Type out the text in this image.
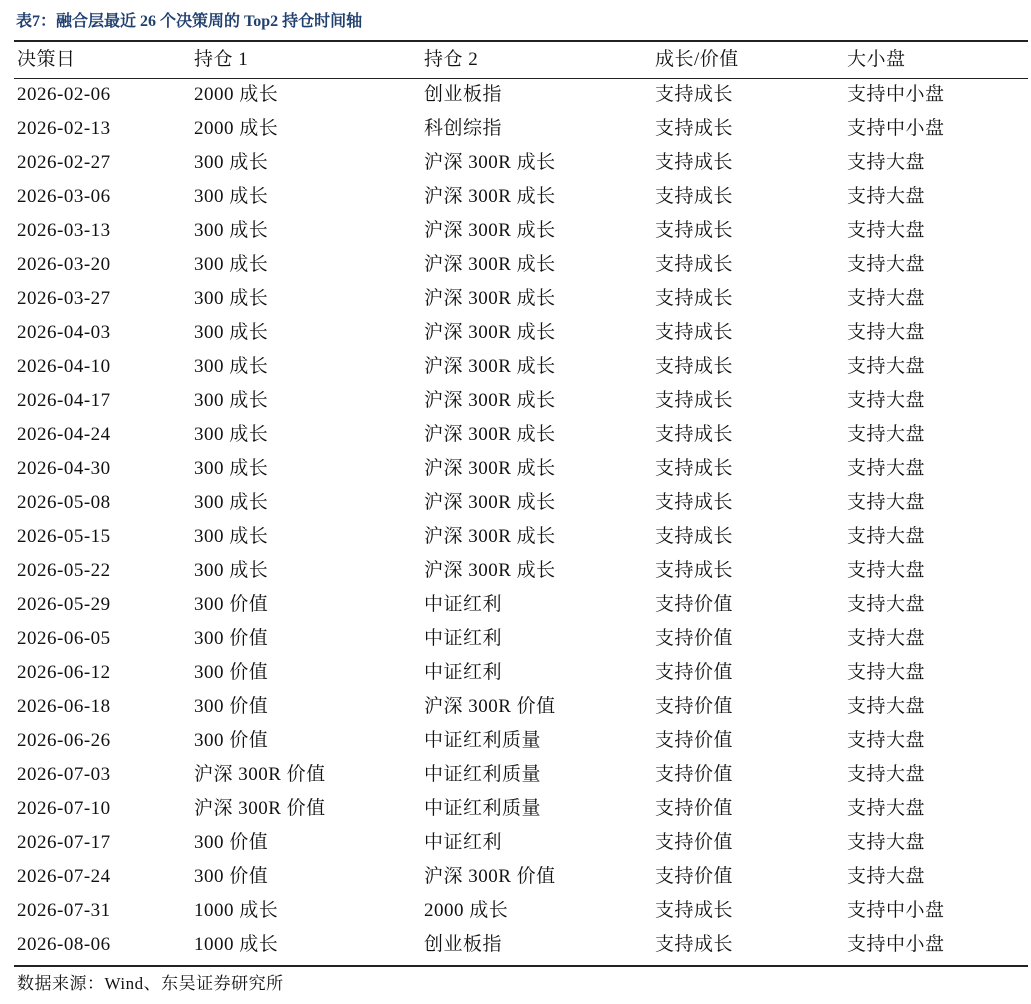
表7：融合层最近 26 个决策周的 Top2 持仓时间轴
决策日	持仓 1	持仓 2	成长/价值	大小盘
2026-02-06	2000 成长	创业板指	支持成长	支持中小盘
2026-02-13	2000 成长	科创综指	支持成长	支持中小盘
2026-02-27	300 成长	沪深 300R 成长	支持成长	支持大盘
2026-03-06	300 成长	沪深 300R 成长	支持成长	支持大盘
2026-03-13	300 成长	沪深 300R 成长	支持成长	支持大盘
2026-03-20	300 成长	沪深 300R 成长	支持成长	支持大盘
2026-03-27	300 成长	沪深 300R 成长	支持成长	支持大盘
2026-04-03	300 成长	沪深 300R 成长	支持成长	支持大盘
2026-04-10	300 成长	沪深 300R 成长	支持成长	支持大盘
2026-04-17	300 成长	沪深 300R 成长	支持成长	支持大盘
2026-04-24	300 成长	沪深 300R 成长	支持成长	支持大盘
2026-04-30	300 成长	沪深 300R 成长	支持成长	支持大盘
2026-05-08	300 成长	沪深 300R 成长	支持成长	支持大盘
2026-05-15	300 成长	沪深 300R 成长	支持成长	支持大盘
2026-05-22	300 成长	沪深 300R 成长	支持成长	支持大盘
2026-05-29	300 价值	中证红利	支持价值	支持大盘
2026-06-05	300 价值	中证红利	支持价值	支持大盘
2026-06-12	300 价值	中证红利	支持价值	支持大盘
2026-06-18	300 价值	沪深 300R 价值	支持价值	支持大盘
2026-06-26	300 价值	中证红利质量	支持价值	支持大盘
2026-07-03	沪深 300R 价值	中证红利质量	支持价值	支持大盘
2026-07-10	沪深 300R 价值	中证红利质量	支持价值	支持大盘
2026-07-17	300 价值	中证红利	支持价值	支持大盘
2026-07-24	300 价值	沪深 300R 价值	支持价值	支持大盘
2026-07-31	1000 成长	2000 成长	支持成长	支持中小盘
2026-08-06	1000 成长	创业板指	支持成长	支持中小盘
数据来源：Wind、东吴证券研究所
